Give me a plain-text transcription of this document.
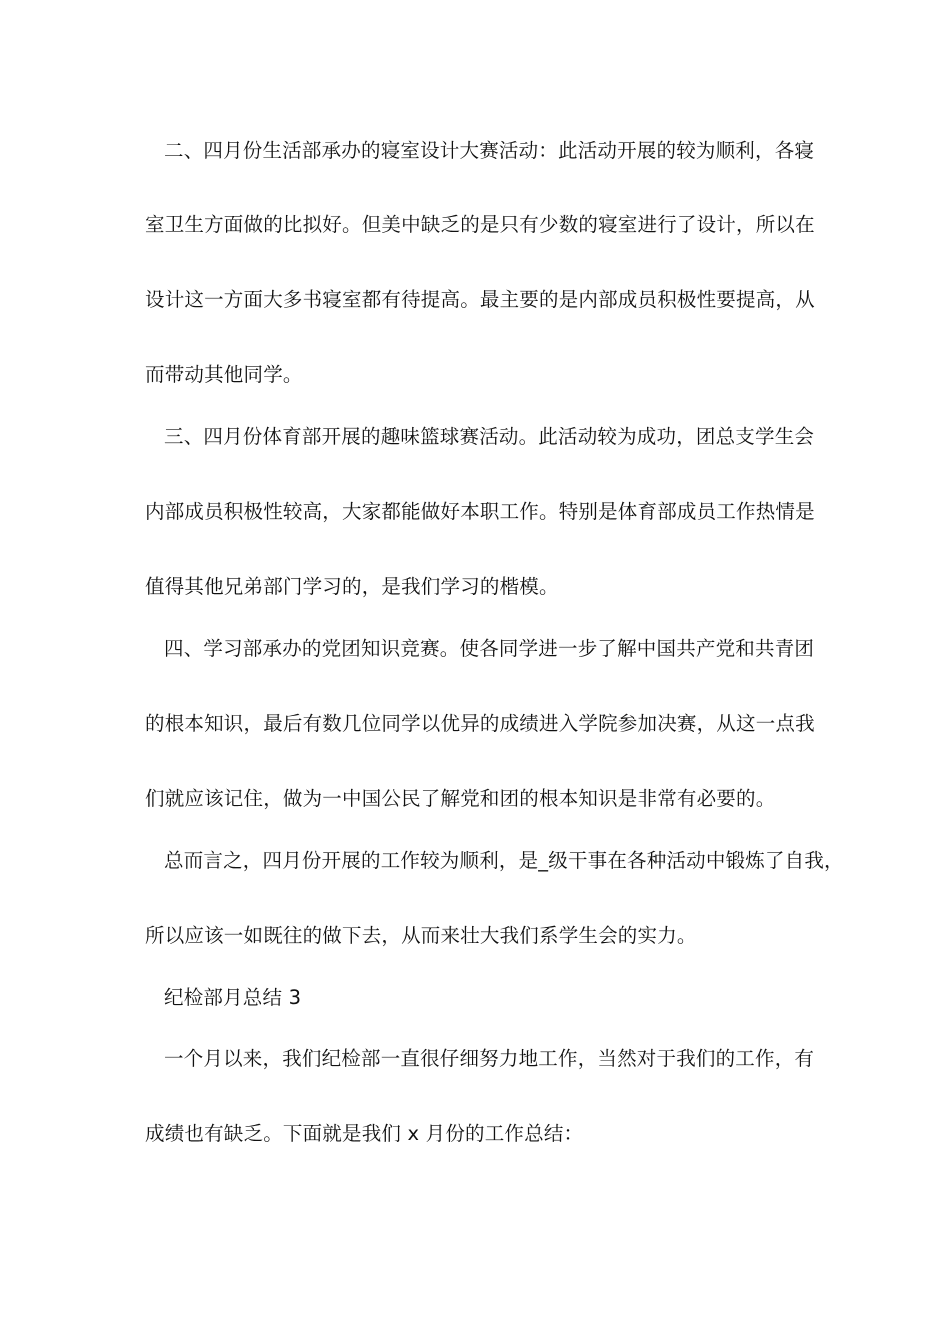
二、四月份生活部承办的寝室设计大赛活动：此活动开展的较为顺利，各寝
室卫生方面做的比拟好。但美中缺乏的是只有少数的寝室进行了设计，所以在
设计这一方面大多书寝室都有待提高。最主要的是内部成员积极性要提高，从
而带动其他同学。
三、四月份体育部开展的趣味篮球赛活动。此活动较为成功，团总支学生会
内部成员积极性较高，大家都能做好本职工作。特别是体育部成员工作热情是
值得其他兄弟部门学习的，是我们学习的楷模。
四、学习部承办的党团知识竞赛。使各同学进一步了解中国共产党和共青团
的根本知识，最后有数几位同学以优异的成绩进入学院参加决赛，从这一点我
们就应该记住，做为一中国公民了解党和团的根本知识是非常有必要的。
总而言之，四月份开展的工作较为顺利，是_级干事在各种活动中锻炼了自我，
所以应该一如既往的做下去，从而来壮大我们系学生会的实力。
纪检部月总结 3
一个月以来，我们纪检部一直很仔细努力地工作，当然对于我们的工作，有
成绩也有缺乏。下面就是我们 x 月份的工作总结：
